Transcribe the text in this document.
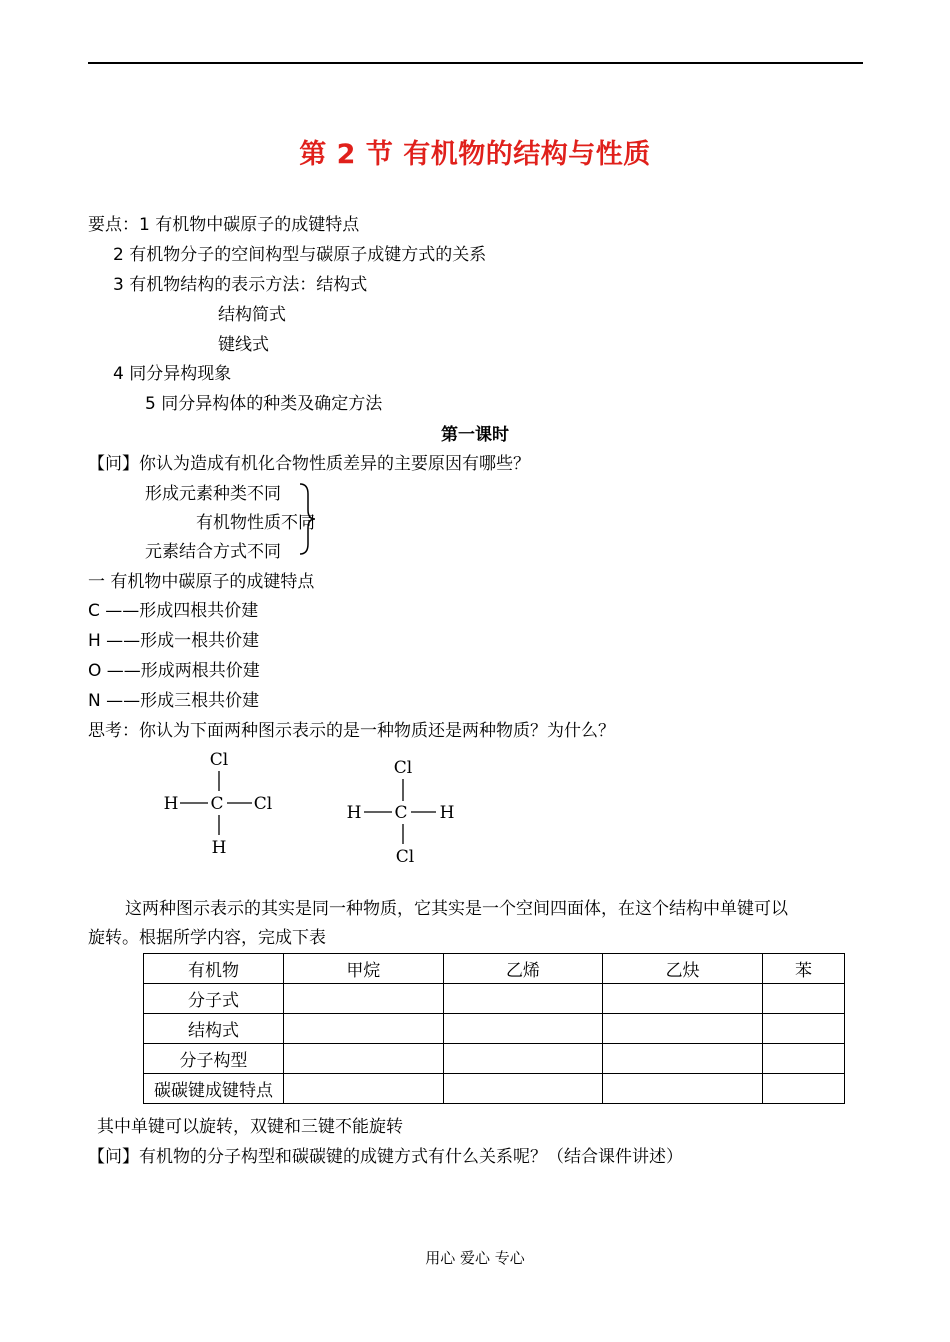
第 2 节 有机物的结构与性质
要点：1 有机物中碳原子的成键特点
2 有机物分子的空间构型与碳原子成键方式的关系
3 有机物结构的表示方法：结构式
结构简式
键线式
4 同分异构现象
5 同分异构体的种类及确定方法
第一课时
【问】你认为造成有机化合物性质差异的主要原因有哪些？
形成元素种类不同
有机物性质不同
元素结合方式不同
一 有机物中碳原子的成键特点
C ——形成四根共价建
H ——形成一根共价建
O ——形成两根共价建
N ——形成三根共价建
思考：你认为下面两种图示表示的是一种物质还是两种物质？为什么？
Cl
H C Cl
H
Cl
H C H
Cl
这两种图示表示的其实是同一种物质，它其实是一个空间四面体，在这个结构中单键可以
旋转。根据所学内容，完成下表
有机物	甲烷	乙烯	乙炔	苯
分子式				
结构式				
分子构型				
碳碳键成键特点				
其中单键可以旋转，双键和三键不能旋转
【问】有机物的分子构型和碳碳键的成键方式有什么关系呢？（结合课件讲述）
用心 爱心 专心
